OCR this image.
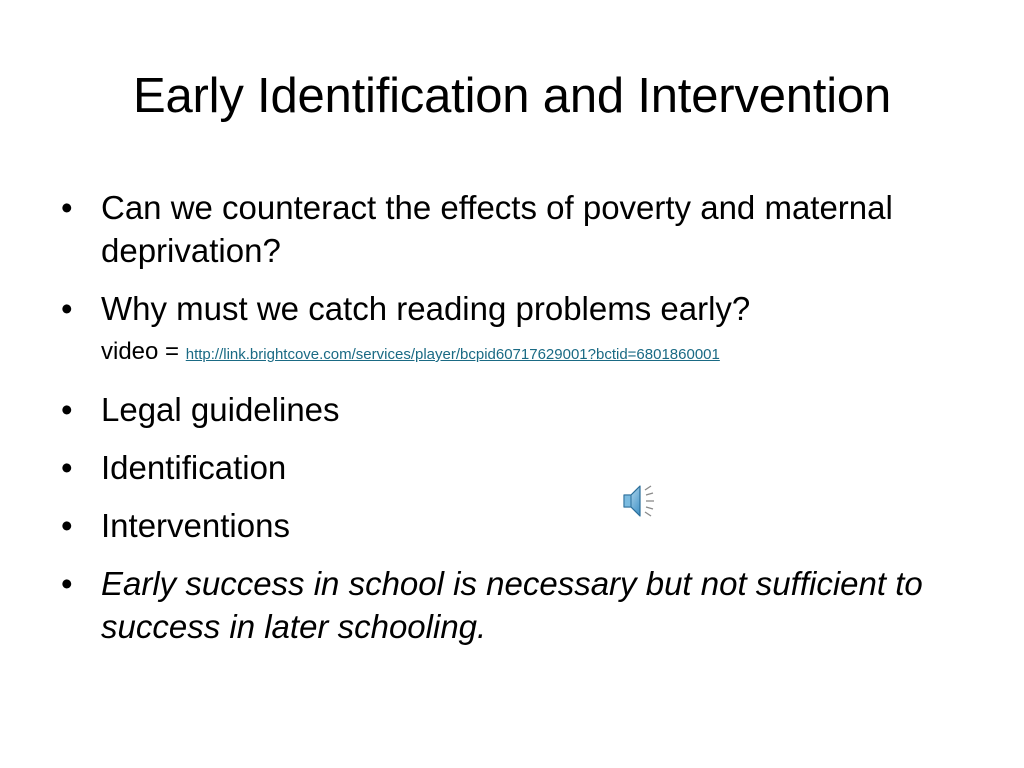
Early Identification and Intervention
• Can we counteract the effects of poverty and maternal deprivation?
• Why must we catch reading problems early?
video = http://link.brightcove.com/services/player/bcpid60717629001?bctid=6801860001
• Legal guidelines
• Identification
• Interventions
• Early success in school is necessary but not sufficient to success in later schooling.
